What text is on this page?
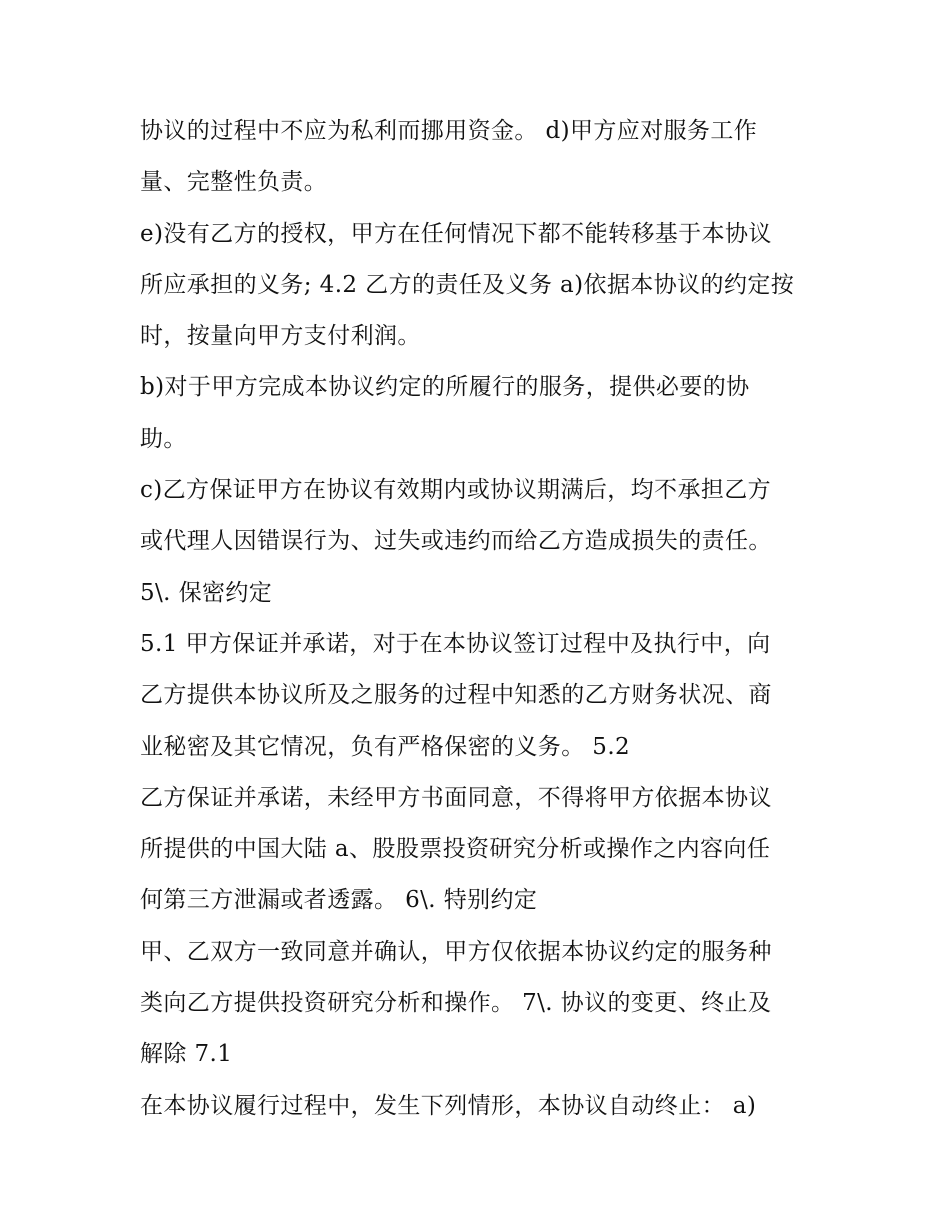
协议的过程中不应为私利而挪用资金。 d)甲方应对服务工作
量、完整性负责。
e)没有乙方的授权，甲方在任何情况下都不能转移基于本协议
所应承担的义务; 4.2 乙方的责任及义务 a)依据本协议的约定按
时，按量向甲方支付利润。
b)对于甲方完成本协议约定的所履行的服务，提供必要的协
助。
c)乙方保证甲方在协议有效期内或协议期满后，均不承担乙方
或代理人因错误行为、过失或违约而给乙方造成损失的责任。
5\. 保密约定
5.1 甲方保证并承诺，对于在本协议签订过程中及执行中，向
乙方提供本协议所及之服务的过程中知悉的乙方财务状况、商
业秘密及其它情况，负有严格保密的义务。 5.2
乙方保证并承诺，未经甲方书面同意，不得将甲方依据本协议
所提供的中国大陆 a、股股票投资研究分析或操作之内容向任
何第三方泄漏或者透露。 6\. 特别约定
甲、乙双方一致同意并确认，甲方仅依据本协议约定的服务种
类向乙方提供投资研究分析和操作。 7\. 协议的变更、终止及
解除 7.1
在本协议履行过程中，发生下列情形，本协议自动终止： a)
